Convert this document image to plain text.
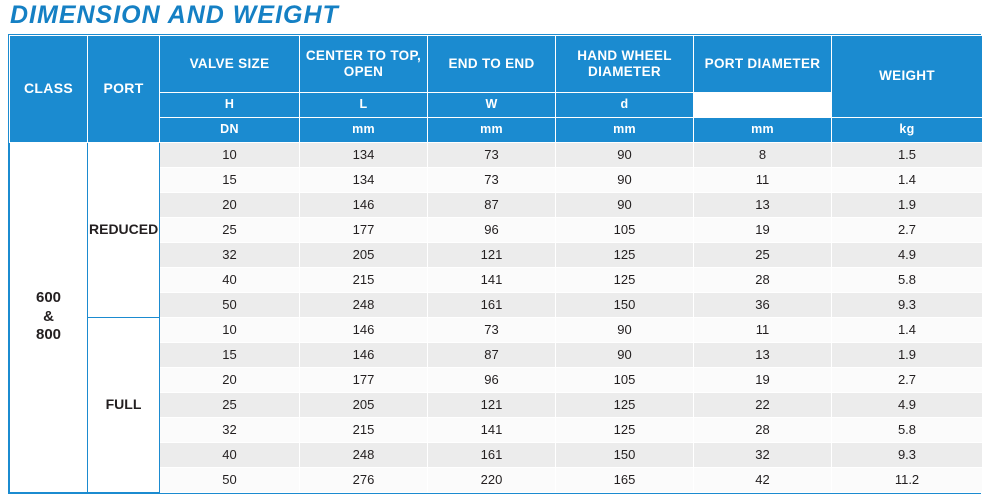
DIMENSION AND WEIGHT
CLASS	PORT	VALVE SIZE	CENTER TO TOP, OPEN	END TO END	HAND WHEEL DIAMETER	PORT DIAMETER	WEIGHT
		H	L	W	d		
		DN	mm	mm	mm	mm	kg
600
&
800	REDUCED	10	134	73	90	8	1.5
		15	134	73	90	11	1.4
		20	146	87	90	13	1.9
		25	177	96	105	19	2.7
		32	205	121	125	25	4.9
		40	215	141	125	28	5.8
		50	248	161	150	36	9.3
	FULL	10	146	73	90	11	1.4
		15	146	87	90	13	1.9
		20	177	96	105	19	2.7
		25	205	121	125	22	4.9
		32	215	141	125	28	5.8
		40	248	161	150	32	9.3
		50	276	220	165	42	11.2
